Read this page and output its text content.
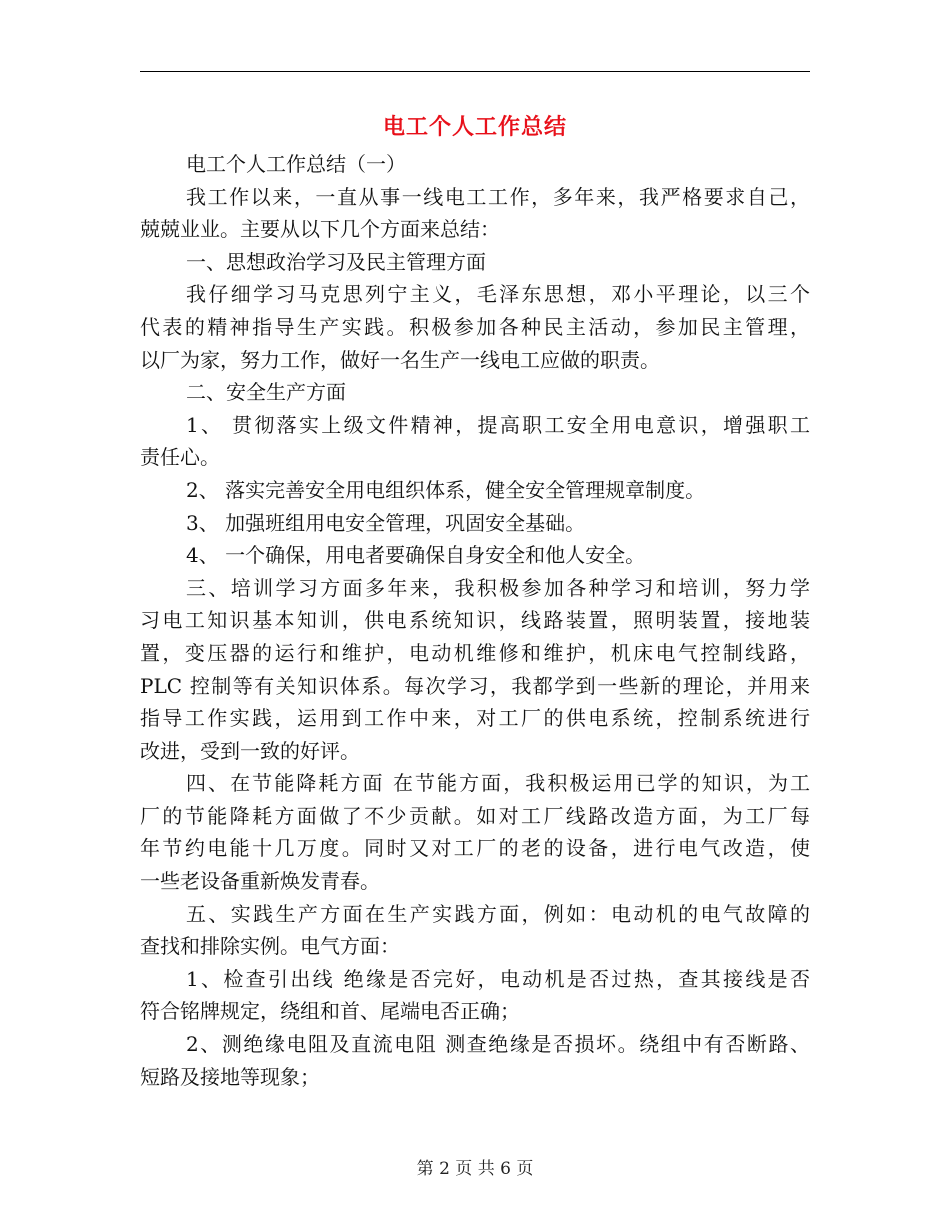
电工个人工作总结
电工个人工作总结（一）
我工作以来，一直从事一线电工工作，多年来，我严格要求自己，
兢兢业业。主要从以下几个方面来总结：
一、思想政治学习及民主管理方面
我仔细学习马克思列宁主义，毛泽东思想，邓小平理论，以三个
代表的精神指导生产实践。积极参加各种民主活动，参加民主管理，
以厂为家，努力工作，做好一名生产一线电工应做的职责。
二、安全生产方面
1、 贯彻落实上级文件精神，提高职工安全用电意识，增强职工
责任心。
2、 落实完善安全用电组织体系，健全安全管理规章制度。
3、 加强班组用电安全管理，巩固安全基础。
4、 一个确保，用电者要确保自身安全和他人安全。
三、培训学习方面多年来，我积极参加各种学习和培训，努力学
习电工知识基本知训，供电系统知识，线路装置，照明装置，接地装
置，变压器的运行和维护，电动机维修和维护，机床电气控制线路，
PLC 控制等有关知识体系。每次学习，我都学到一些新的理论，并用来
指导工作实践，运用到工作中来，对工厂的供电系统，控制系统进行
改进，受到一致的好评。
四、在节能降耗方面 在节能方面，我积极运用已学的知识，为工
厂的节能降耗方面做了不少贡献。如对工厂线路改造方面，为工厂每
年节约电能十几万度。同时又对工厂的老的设备，进行电气改造，使
一些老设备重新焕发青春。
五、实践生产方面在生产实践方面，例如：电动机的电气故障的
查找和排除实例。电气方面：
1、检查引出线 绝缘是否完好，电动机是否过热，查其接线是否
符合铭牌规定，绕组和首、尾端电否正确；
2、测绝缘电阻及直流电阻 测查绝缘是否损坏。绕组中有否断路、
短路及接地等现象；
第 2 页 共 6 页
